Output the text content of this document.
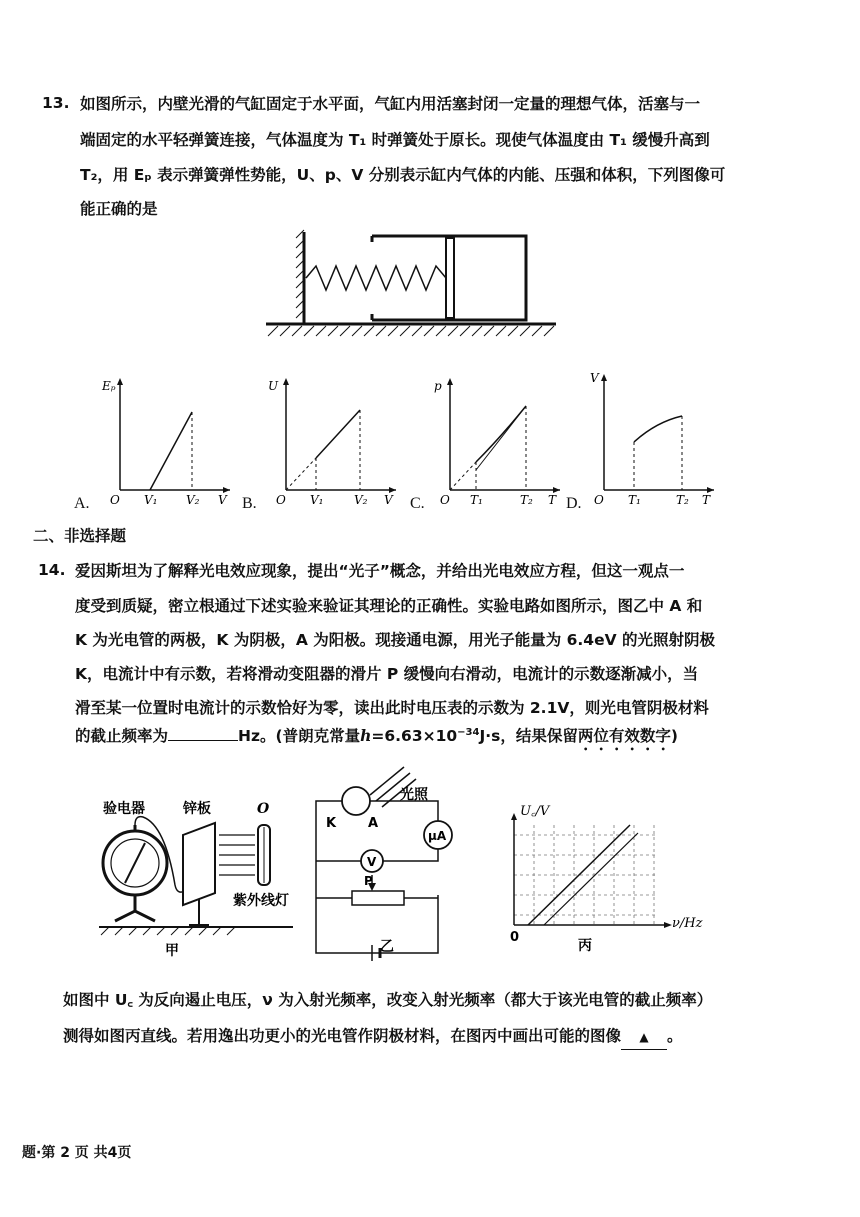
13. 如图所示，内壁光滑的气缸固定于水平面，气缸内用活塞封闭一定量的理想气体，活塞与一
端固定的水平轻弹簧连接，气体温度为 T₁ 时弹簧处于原长。现使气体温度由 T₁ 缓慢升高到
T₂，用 Eₚ 表示弹簧弹性势能，U、p、V 分别表示缸内气体的内能、压强和体积，下列图像可
能正确的是
Eₚ
O V₁ V₂ V
A.
U
O V₁	V₂ V
B.
p
O T₁	T₂ T
C.
V
O T₁	T₂ T
D.
二、非选择题
14. 爱因斯坦为了解释光电效应现象，提出“光子”概念，并给出光电效应方程，但这一观点一
度受到质疑，密立根通过下述实验来验证其理论的正确性。实验电路如图所示，图乙中 A 和
K 为光电管的两极，K 为阴极，A 为阳极。现接通电源，用光子能量为 6.4eV 的光照射阴极
K，电流计中有示数，若将滑动变阻器的滑片 P 缓慢向右滑动，电流计的示数逐渐减小，当
滑至某一位置时电流计的示数恰好为零，读出此时电压表的示数为 2.1V，则光电管阴极材料
的截止频率为	Hz。(普朗克常量$h=6.63\times 10^{-34}J\cdot s$，结果保留两位有效数字)
验电器	锌板	O
紫外线灯
甲
光照
K A
μA
V
P
乙
U꜀/V
ν/Hz
0
丙
如图中 U꜀ 为反向遏止电压，ν 为入射光频率，改变入射光频率（都大于该光电管的截止频率）
测得如图丙直线。若用逸出功更小的光电管作阴极材料，在图丙中画出可能的图像 ▲ 。
题·第 2 页 共4页
